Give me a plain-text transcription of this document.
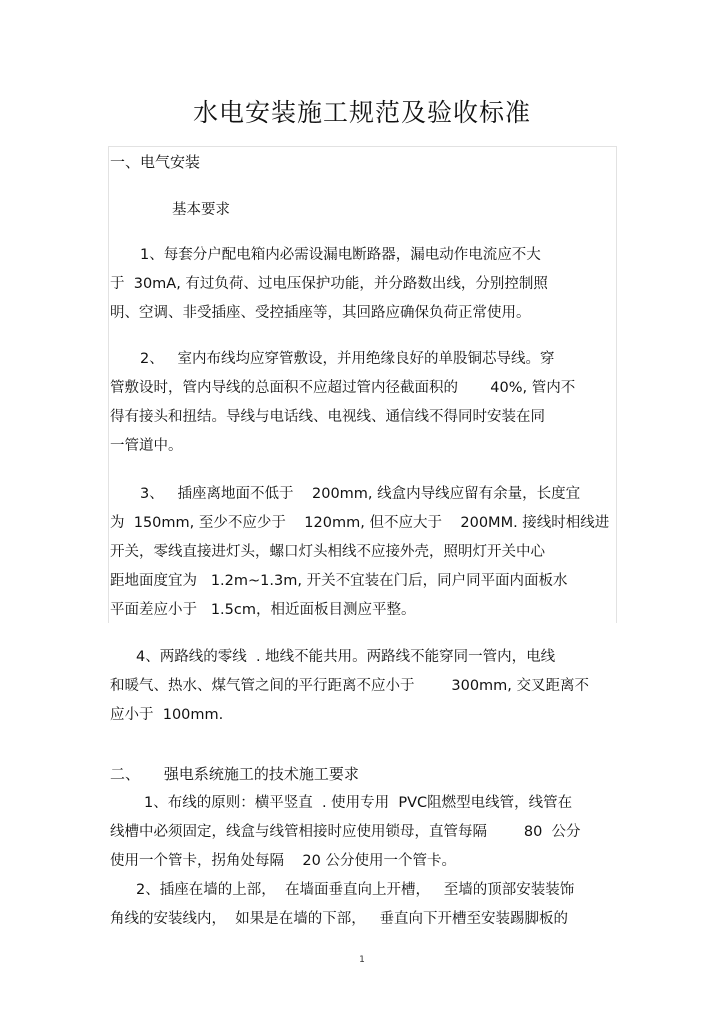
水电安装施工规范及验收标准
一、电气安装
基本要求
1、每套分户配电箱内必需设漏电断路器，漏电动作电流应不大
于  30mA, 有过负荷、过电压保护功能，并分路数出线，分别控制照
明、空调、非受插座、受控插座等，其回路应确保负荷正常使用。
2、   室内布线均应穿管敷设，并用绝缘良好的单股铜芯导线。穿
管敷设时，管内导线的总面积不应超过管内径截面积的       40%, 管内不
得有接头和扭结。导线与电话线、电视线、通信线不得同时安装在同
一管道中。
3、   插座离地面不低于    200mm, 线盒内导线应留有余量，长度宜
为  150mm, 至少不应少于    120mm, 但不应大于    200MM. 接线时相线进
开关，零线直接进灯头，螺口灯头相线不应接外壳，照明灯开关中心
距地面度宜为   1.2m~1.3m, 开关不宜装在门后，同户同平面内面板水
平面差应小于   1.5cm，相近面板目测应平整。
4、两路线的零线  . 地线不能共用。两路线不能穿同一管内，电线
和暖气、热水、煤气管之间的平行距离不应小于        300mm, 交叉距离不
应小于  100mm.
二、     强电系统施工的技术施工要求
1、布线的原则：横平竖直  . 使用专用  PVC阻燃型电线管，线管在
线槽中必须固定，线盒与线管相接时应使用锁母，直管每隔        80  公分
使用一个管卡，拐角处每隔    20 公分使用一个管卡。
2、插座在墙的上部，  在墙面垂直向上开槽，   至墙的顶部安装装饰
角线的安装线内，  如果是在墙的下部，   垂直向下开槽至安装踢脚板的
1
